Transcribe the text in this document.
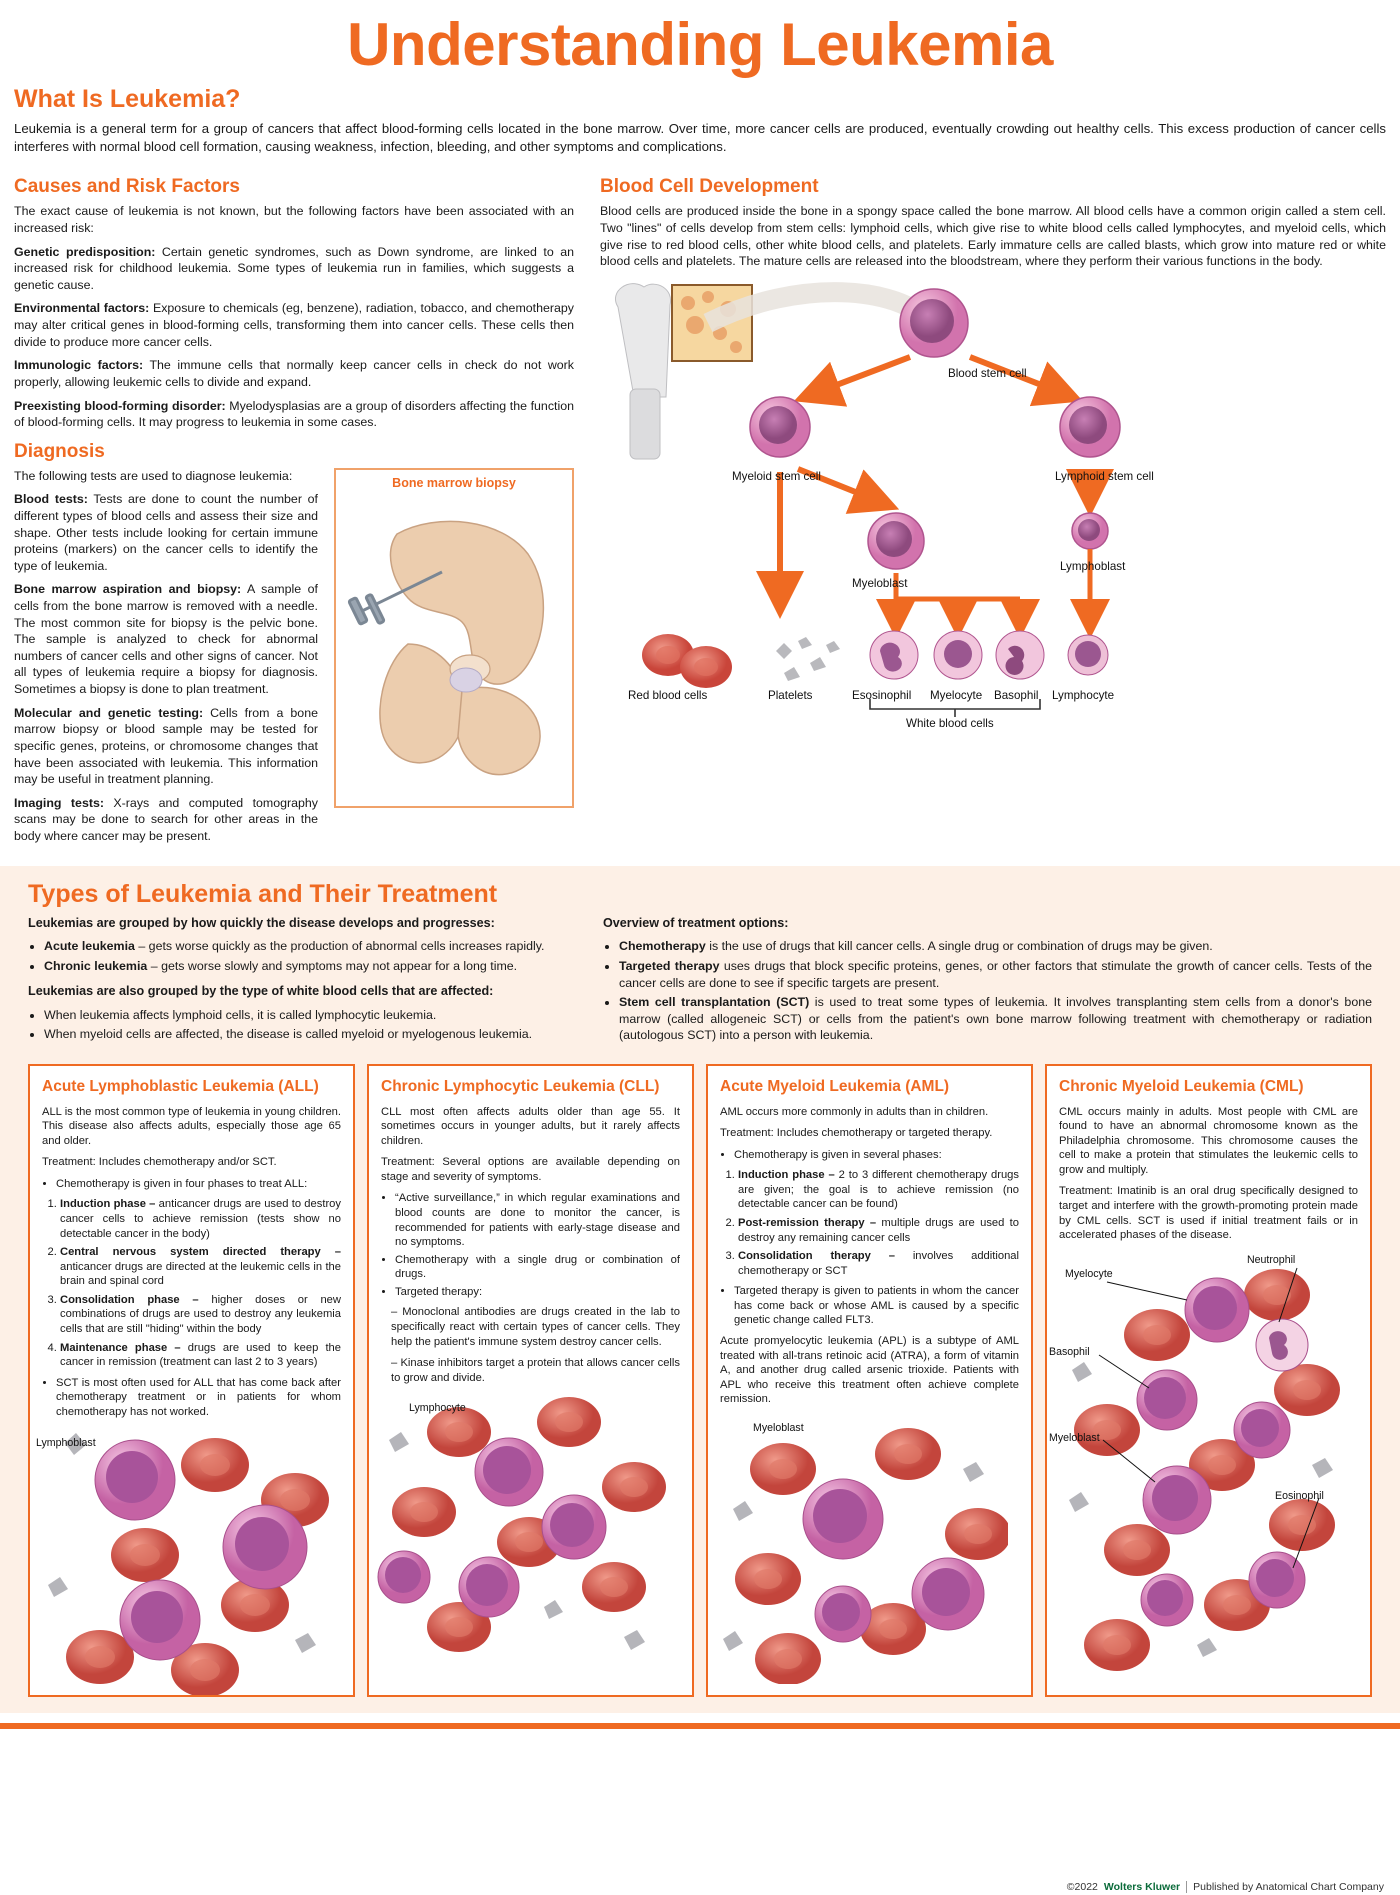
Understanding Leukemia
What Is Leukemia?

Leukemia is a general term for a group of cancers that affect blood-forming cells located in the bone marrow. Over time, more cancer cells are produced, eventually crowding out healthy cells. This excess production of cancer cells interferes with normal blood cell formation, causing weakness, infection, bleeding, and other symptoms and complications.

Causes and Risk Factors

The exact cause of leukemia is not known, but the following factors have been associated with an increased risk:

Genetic predisposition: Certain genetic syndromes, such as Down syndrome, are linked to an increased risk for childhood leukemia. Some types of leukemia run in families, which suggests a genetic cause.

Environmental factors: Exposure to chemicals (eg, benzene), radiation, tobacco, and chemotherapy may alter critical genes in blood-forming cells, transforming them into cancer cells. These cells then divide to produce more cancer cells.

Immunologic factors: The immune cells that normally keep cancer cells in check do not work properly, allowing leukemic cells to divide and expand.

Preexisting blood-forming disorder: Myelodysplasias are a group of disorders affecting the function of blood-forming cells. It may progress to leukemia in some cases.

Diagnosis

The following tests are used to diagnose leukemia:

Blood tests: Tests are done to count the number of different types of blood cells and assess their size and shape. Other tests include looking for certain immune proteins (markers) on the cancer cells to identify the type of leukemia.

Bone marrow aspiration and biopsy: A sample of cells from the bone marrow is removed with a needle. The most common site for biopsy is the pelvic bone. The sample is analyzed to check for abnormal numbers of cancer cells and other signs of cancer. Not all types of leukemia require a biopsy for diagnosis. Sometimes a biopsy is done to plan treatment.

Molecular and genetic testing: Cells from a bone marrow biopsy or blood sample may be tested for specific genes, proteins, or chromosome changes that have been associated with leukemia. This information may be useful in treatment planning.

Imaging tests: X-rays and computed tomography scans may be done to search for other areas in the body where cancer may be present.

Bone marrow biopsy
Blood Cell Development

Blood cells are produced inside the bone in a spongy space called the bone marrow. All blood cells have a common origin called a stem cell. Two "lines" of cells develop from stem cells: lymphoid cells, which give rise to white blood cells called lymphocytes, and myeloid cells, which give rise to red blood cells, other white blood cells, and platelets. Early immature cells are called blasts, which grow into mature red or white blood cells and platelets. The mature cells are released into the bloodstream, where they perform their various functions in the body.

Blood stem cell
Myeloid stem cell	Lymphoid stem cell
Myeloblast
Lymphoblast
Red blood cells	Platelets	Esosinophil Myelocyte Basophil Lymphocyte
White blood cells
Types of Leukemia and Their Treatment

Leukemias are grouped by how quickly the disease develops and progresses:

• Acute leukemia – gets worse quickly as the production of abnormal cells increases rapidly.
• Chronic leukemia – gets worse slowly and symptoms may not appear for a long time.

Leukemias are also grouped by the type of white blood cells that are affected:

• When leukemia affects lymphoid cells, it is called lymphocytic leukemia.
• When myeloid cells are affected, the disease is called myeloid or myelogenous leukemia.

Overview of treatment options:

• Chemotherapy is the use of drugs that kill cancer cells. A single drug or combination of drugs may be given.
• Targeted therapy uses drugs that block specific proteins, genes, or other factors that stimulate the growth of cancer cells. Tests of the cancer cells are done to see if specific targets are present.
• Stem cell transplantation (SCT) is used to treat some types of leukemia. It involves transplanting stem cells from a donor's bone marrow (called allogeneic SCT) or cells from the patient's own bone marrow following treatment with chemotherapy or radiation (autologous SCT) into a person with leukemia.
Acute Lymphoblastic Leukemia (ALL)

ALL is the most common type of leukemia in young children. This disease also affects adults, especially those age 65 and older.

Treatment: Includes chemotherapy and/or SCT.

• Chemotherapy is given in four phases to treat ALL:
1. Induction phase – anticancer drugs are used to destroy cancer cells to achieve remission (tests show no detectable cancer in the body)
2. Central nervous system directed therapy – anticancer drugs are directed at the leukemic cells in the brain and spinal cord
3. Consolidation phase – higher doses or new combinations of drugs are used to destroy any leukemia cells that are still "hiding" within the body
4. Maintenance phase – drugs are used to keep the cancer in remission (treatment can last 2 to 3 years)
• SCT is most often used for ALL that has come back after chemotherapy treatment or in patients for whom chemotherapy has not worked.
Lymphoblast
Chronic Lymphocytic Leukemia (CLL)

CLL most often affects adults older than age 55. It sometimes occurs in younger adults, but it rarely affects children.

Treatment: Several options are available depending on stage and severity of symptoms.

• “Active surveillance,” in which regular examinations and blood counts are done to monitor the cancer, is recommended for patients with early-stage disease and no symptoms.
• Chemotherapy with a single drug or combination of drugs.
• Targeted therapy:
– Monoclonal antibodies are drugs created in the lab to specifically react with certain types of cancer cells. They help the patient's immune system destroy cancer cells.
– Kinase inhibitors target a protein that allows cancer cells to grow and divide.
Lymphocyte
Acute Myeloid Leukemia (AML)

AML occurs more commonly in adults than in children.

Treatment: Includes chemotherapy or targeted therapy.

• Chemotherapy is given in several phases:
1. Induction phase – 2 to 3 different chemotherapy drugs are given; the goal is to achieve remission (no detectable cancer can be found)
2. Post-remission therapy – multiple drugs are used to destroy any remaining cancer cells
3. Consolidation therapy – involves additional chemotherapy or SCT
• Targeted therapy is given to patients in whom the cancer has come back or whose AML is caused by a specific genetic change called FLT3.

Acute promyelocytic leukemia (APL) is a subtype of AML treated with all-trans retinoic acid (ATRA), a form of vitamin A, and another drug called arsenic trioxide. Patients with APL who receive this treatment often achieve complete remission.

Myeloblast
Chronic Myeloid Leukemia (CML)

CML occurs mainly in adults. Most people with CML are found to have an abnormal chromosome known as the Philadelphia chromosome. This chromosome causes the cell to make a protein that stimulates the leukemic cells to grow and multiply.

Treatment: Imatinib is an oral drug specifically designed to target and interfere with the growth-promoting protein made by CML cells. SCT is used if initial treatment fails or in accelerated phases of the disease.

Myelocyte
Neutrophil
Basophil
Myeloblast
Eosinophil
©2022 Wolters Kluwer	Published by Anatomical Chart Company
